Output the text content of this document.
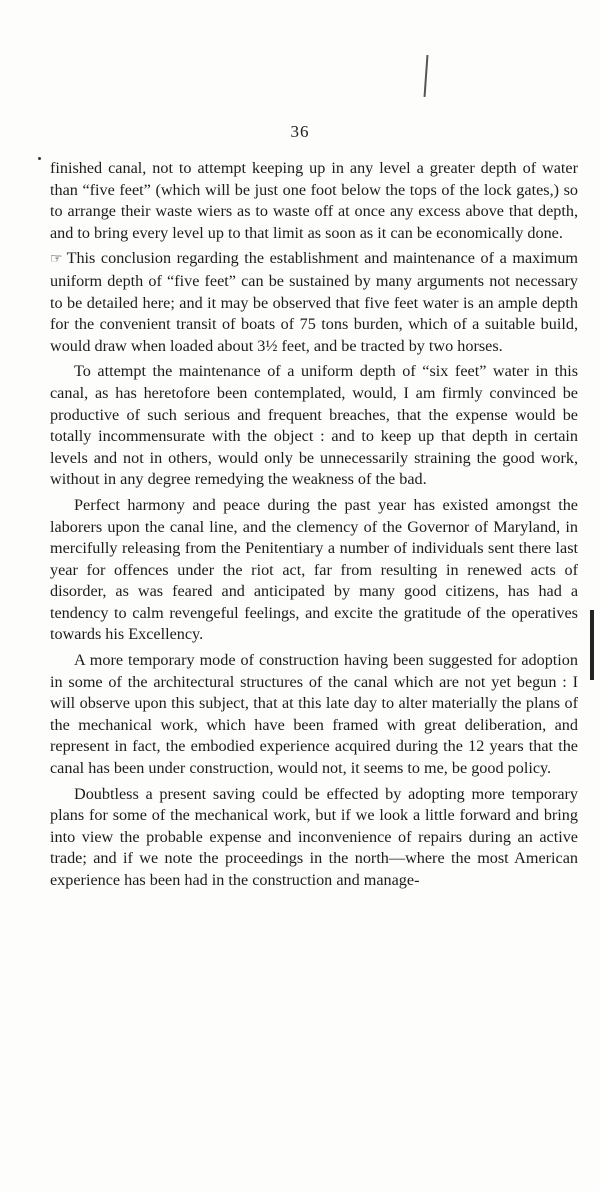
36

finished canal, not to attempt keeping up in any level a greater depth of water than “five feet” (which will be just one foot below the tops of the lock gates,) so to arrange their waste wiers as to waste off at once any excess above that depth, and to bring every level up to that limit as soon as it can be economically done.

☞ This conclusion regarding the establishment and maintenance of a maximum uniform depth of “five feet” can be sustained by many arguments not necessary to be detailed here; and it may be observed that five feet water is an ample depth for the convenient transit of boats of 75 tons burden, which of a suitable build, would draw when loaded about 3½ feet, and be tracted by two horses.

To attempt the maintenance of a uniform depth of “six feet” water in this canal, as has heretofore been contemplated, would, I am firmly convinced be productive of such serious and frequent breaches, that the expense would be totally incommensurate with the object : and to keep up that depth in certain levels and not in others, would only be unnecessarily straining the good work, without in any degree remedying the weakness of the bad.

Perfect harmony and peace during the past year has existed amongst the laborers upon the canal line, and the clemency of the Governor of Maryland, in mercifully releasing from the Penitentiary a number of individuals sent there last year for offences under the riot act, far from resulting in renewed acts of disorder, as was feared and anticipated by many good citizens, has had a tendency to calm revengeful feelings, and excite the gratitude of the operatives towards his Excellency.

A more temporary mode of construction having been suggested for adoption in some of the architectural structures of the canal which are not yet begun : I will observe upon this subject, that at this late day to alter materially the plans of the mechanical work, which have been framed with great deliberation, and represent in fact, the embodied experience acquired during the 12 years that the canal has been under construction, would not, it seems to me, be good policy.

Doubtless a present saving could be effected by adopting more temporary plans for some of the mechanical work, but if we look a little forward and bring into view the probable expense and inconvenience of repairs during an active trade; and if we note the proceedings in the north—where the most American experience has been had in the construction and manage-
